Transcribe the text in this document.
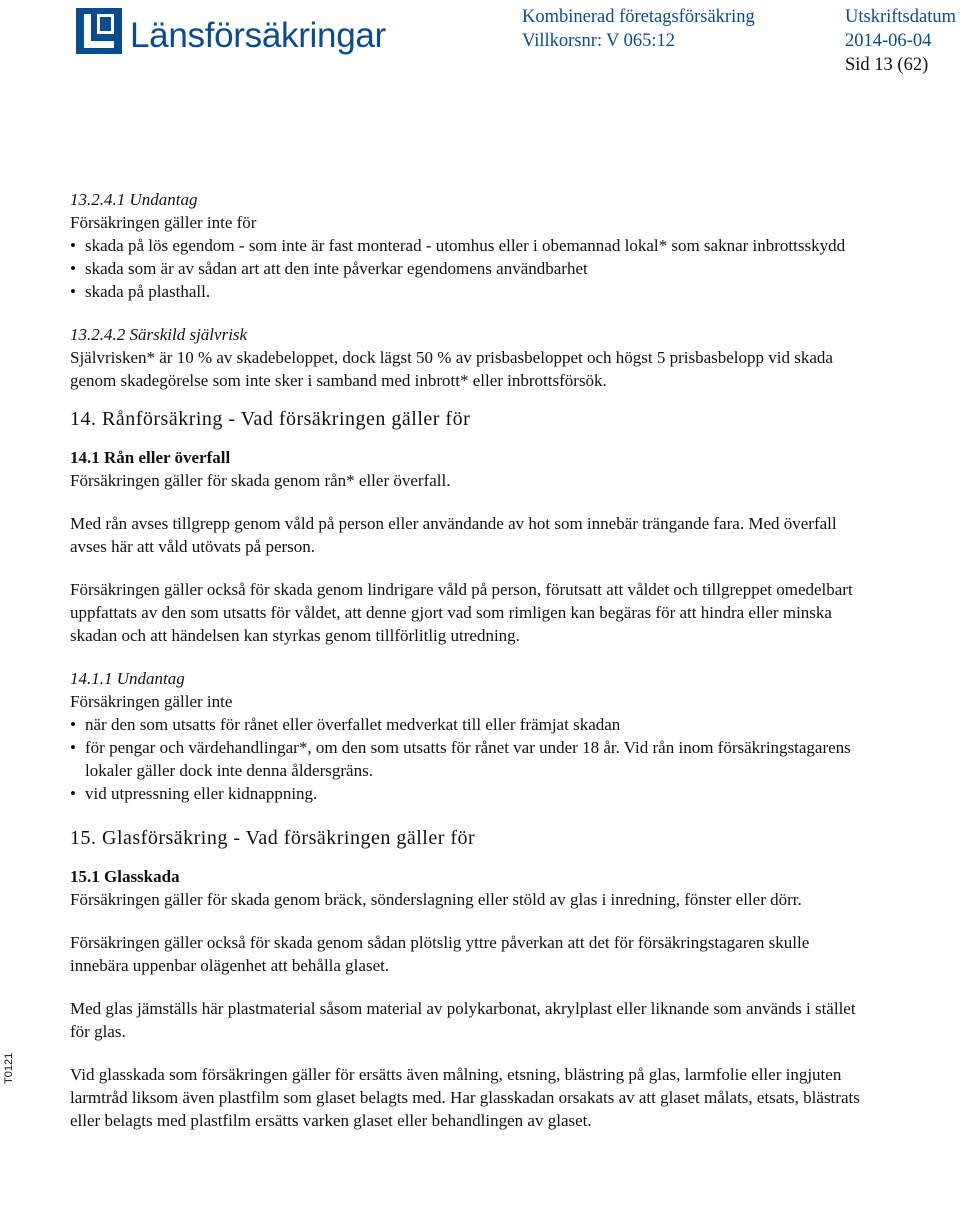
Länsförsäkringar	Kombinerad företagsförsäkring
Villkorsnr: V 065:12
Utskriftsdatum
2014-06-04
Sid 13 (62)

13.2.4.1 Undantag

Försäkringen gäller inte för

• skada på lös egendom - som inte är fast monterad - utomhus eller i obemannad lokal* som saknar inbrottsskydd
• skada som är av sådan art att den inte påverkar egendomens användbarhet
• skada på plasthall.

13.2.4.2 Särskild självrisk

Självrisken* är 10 % av skadebeloppet, dock lägst 50 % av prisbasbeloppet och högst 5 prisbasbelopp vid skada genom skadegörelse som inte sker i samband med inbrott* eller inbrottsförsök.

14. Rånförsäkring - Vad försäkringen gäller för

14.1 Rån eller överfall

Försäkringen gäller för skada genom rån* eller överfall.

Med rån avses tillgrepp genom våld på person eller användande av hot som innebär trängande fara. Med överfall avses här att våld utövats på person.

Försäkringen gäller också för skada genom lindrigare våld på person, förutsatt att våldet och tillgreppet omedelbart uppfattats av den som utsatts för våldet, att denne gjort vad som rimligen kan begäras för att hindra eller minska skadan och att händelsen kan styrkas genom tillförlitlig utredning.

14.1.1 Undantag

Försäkringen gäller inte

• när den som utsatts för rånet eller överfallet medverkat till eller främjat skadan
• för pengar och värdehandlingar*, om den som utsatts för rånet var under 18 år. Vid rån inom försäkringstagarens lokaler gäller dock inte denna åldersgräns.
• vid utpressning eller kidnappning.

15. Glasförsäkring - Vad försäkringen gäller för

15.1 Glasskada

Försäkringen gäller för skada genom bräck, sönderslagning eller stöld av glas i inredning, fönster eller dörr.

Försäkringen gäller också för skada genom sådan plötslig yttre påverkan att det för försäkringstagaren skulle innebära uppenbar olägenhet att behålla glaset.

Med glas jämställs här plastmaterial såsom material av polykarbonat, akrylplast eller liknande som används i stället för glas.

Vid glasskada som försäkringen gäller för ersätts även målning, etsning, blästring på glas, larmfolie eller ingjuten larmtråd liksom även plastfilm som glaset belagts med. Har glasskadan orsakats av att glaset målats, etsats, blästrats eller belagts med plastfilm ersätts varken glaset eller behandlingen av glaset.

T0121
